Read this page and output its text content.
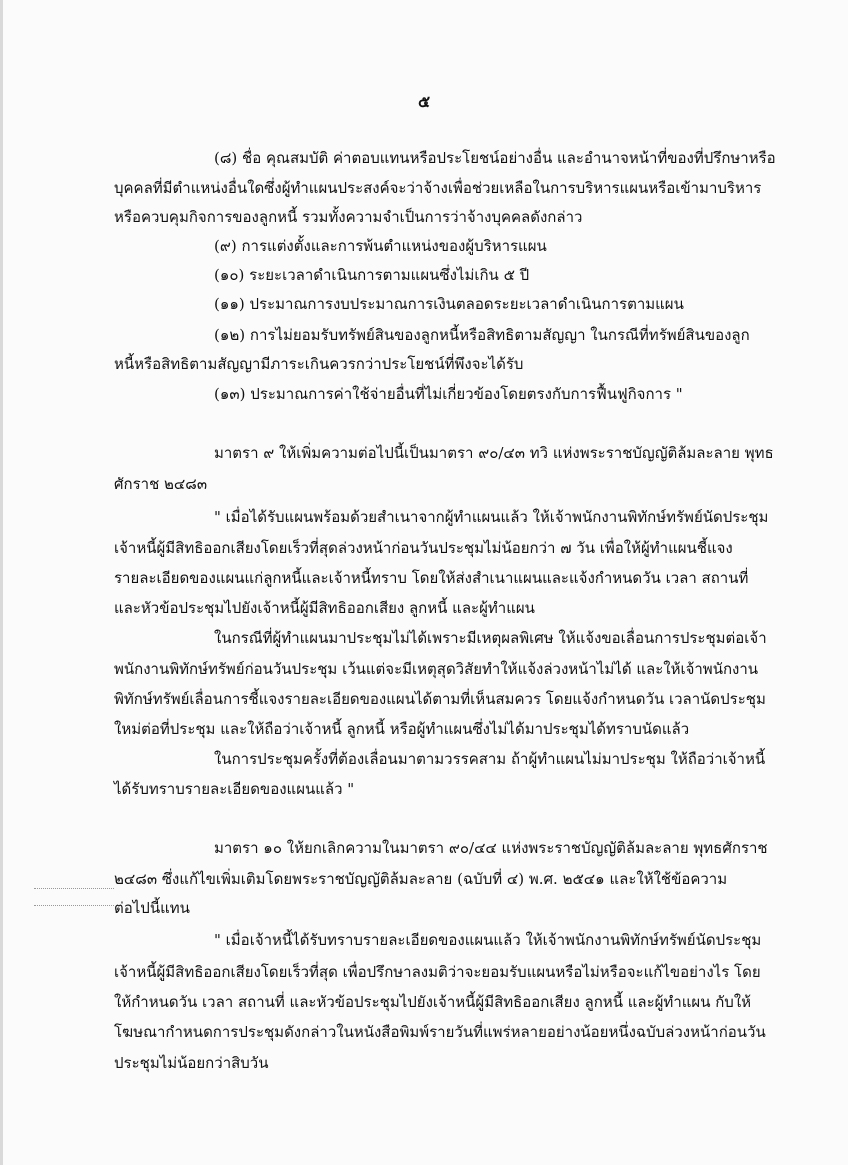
๕
(๘) ชื่อ คุณสมบัติ ค่าตอบแทนหรือประโยชน์อย่างอื่น และอำนาจหน้าที่ของที่ปรึกษาหรือ
บุคคลที่มีตำแหน่งอื่นใดซึ่งผู้ทำแผนประสงค์จะว่าจ้างเพื่อช่วยเหลือในการบริหารแผนหรือเข้ามาบริหาร
หรือควบคุมกิจการของลูกหนี้ รวมทั้งความจำเป็นการว่าจ้างบุคคลดังกล่าว
(๙) การแต่งตั้งและการพ้นตำแหน่งของผู้บริหารแผน
(๑๐) ระยะเวลาดำเนินการตามแผนซึ่งไม่เกิน ๕ ปี
(๑๑) ประมาณการงบประมาณการเงินตลอดระยะเวลาดำเนินการตามแผน
(๑๒) การไม่ยอมรับทรัพย์สินของลูกหนี้หรือสิทธิตามสัญญา ในกรณีที่ทรัพย์สินของลูก
หนี้หรือสิทธิตามสัญญามีภาระเกินควรกว่าประโยชน์ที่พึงจะได้รับ
(๑๓) ประมาณการค่าใช้จ่ายอื่นที่ไม่เกี่ยวข้องโดยตรงกับการฟื้นฟูกิจการ "
มาตรา ๙ ให้เพิ่มความต่อไปนี้เป็นมาตรา ๙๐/๔๓ ทวิ แห่งพระราชบัญญัติล้มละลาย พุทธ
ศักราช ๒๔๘๓
" เมื่อได้รับแผนพร้อมด้วยสำเนาจากผู้ทำแผนแล้ว ให้เจ้าพนักงานพิทักษ์ทรัพย์นัดประชุม
เจ้าหนี้ผู้มีสิทธิออกเสียงโดยเร็วที่สุดล่วงหน้าก่อนวันประชุมไม่น้อยกว่า ๗ วัน เพื่อให้ผู้ทำแผนชี้แจง
รายละเอียดของแผนแก่ลูกหนี้และเจ้าหนี้ทราบ โดยให้ส่งสำเนาแผนและแจ้งกำหนดวัน เวลา สถานที่
และหัวข้อประชุมไปยังเจ้าหนี้ผู้มีสิทธิออกเสียง ลูกหนี้ และผู้ทำแผน
ในกรณีที่ผู้ทำแผนมาประชุมไม่ได้เพราะมีเหตุผลพิเศษ ให้แจ้งขอเลื่อนการประชุมต่อเจ้า
พนักงานพิทักษ์ทรัพย์ก่อนวันประชุม เว้นแต่จะมีเหตุสุดวิสัยทำให้แจ้งล่วงหน้าไม่ได้ และให้เจ้าพนักงาน
พิทักษ์ทรัพย์เลื่อนการชี้แจงรายละเอียดของแผนได้ตามที่เห็นสมควร โดยแจ้งกำหนดวัน เวลานัดประชุม
ใหม่ต่อที่ประชุม และให้ถือว่าเจ้าหนี้ ลูกหนี้ หรือผู้ทำแผนซึ่งไม่ได้มาประชุมได้ทราบนัดแล้ว
ในการประชุมครั้งที่ต้องเลื่อนมาตามวรรคสาม ถ้าผู้ทำแผนไม่มาประชุม ให้ถือว่าเจ้าหนี้
ได้รับทราบรายละเอียดของแผนแล้ว "
มาตรา ๑๐ ให้ยกเลิกความในมาตรา ๙๐/๔๔ แห่งพระราชบัญญัติล้มละลาย พุทธศักราช
๒๔๘๓ ซึ่งแก้ไขเพิ่มเติมโดยพระราชบัญญัติล้มละลาย (ฉบับที่ ๔) พ.ศ. ๒๕๔๑ และให้ใช้ข้อความ
ต่อไปนี้แทน
" เมื่อเจ้าหนี้ได้รับทราบรายละเอียดของแผนแล้ว ให้เจ้าพนักงานพิทักษ์ทรัพย์นัดประชุม
เจ้าหนี้ผู้มีสิทธิออกเสียงโดยเร็วที่สุด เพื่อปรึกษาลงมติว่าจะยอมรับแผนหรือไม่หรือจะแก้ไขอย่างไร โดย
ให้กำหนดวัน เวลา สถานที่ และหัวข้อประชุมไปยังเจ้าหนี้ผู้มีสิทธิออกเสียง ลูกหนี้ และผู้ทำแผน กับให้
โฆษณากำหนดการประชุมดังกล่าวในหนังสือพิมพ์รายวันที่แพร่หลายอย่างน้อยหนึ่งฉบับล่วงหน้าก่อนวัน
ประชุมไม่น้อยกว่าสิบวัน
